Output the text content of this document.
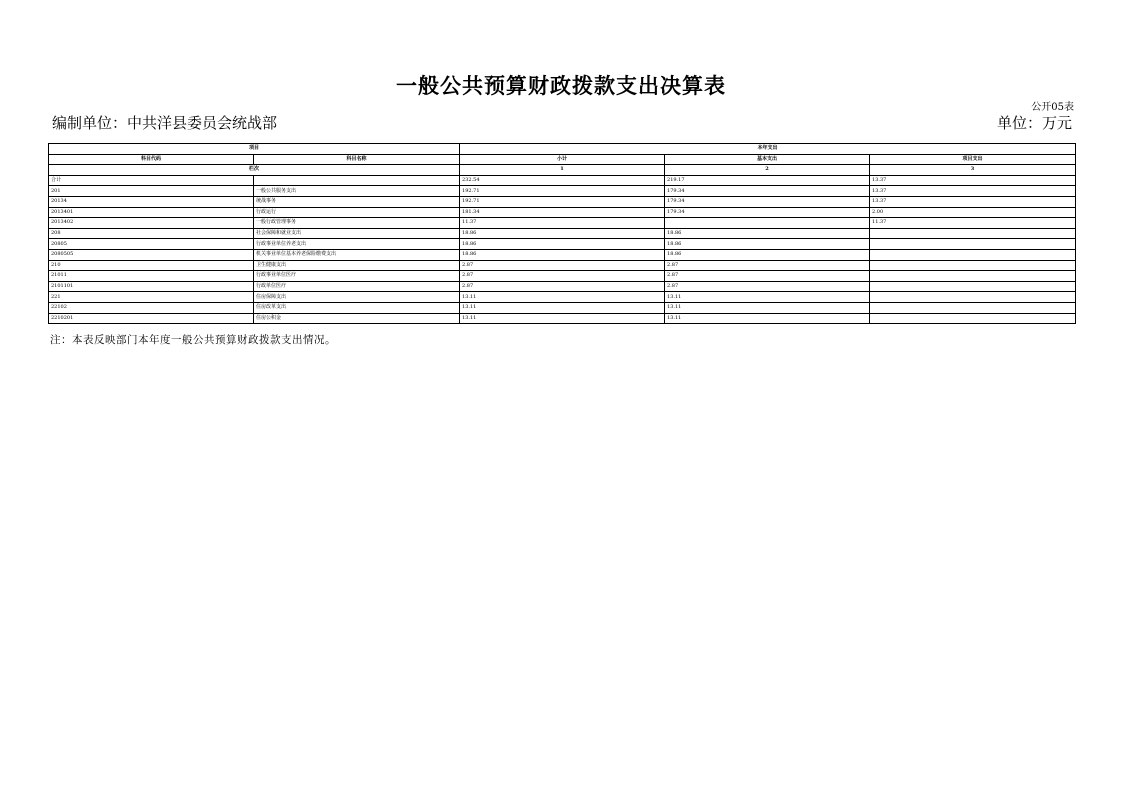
一般公共预算财政拨款支出决算表
公开05表
编制单位：中共洋县委员会统战部	单位：万元
项目		本年支出		
科目代码	科目名称	小计	基本支出	项目支出
栏次		1	2	3
合计		232.54	219.17	13.37
201	一般公共服务支出	192.71	179.34	13.37
20134	统战事务	192.71	179.34	13.37
2013401	行政运行	181.34	179.34	2.00
2013402	一般行政管理事务	11.37		11.37
208	社会保障和就业支出	18.86	18.86	
20805	行政事业单位养老支出	18.86	18.86	
2080505	机关事业单位基本养老保险缴费支出	18.86	18.86	
210	卫生健康支出	2.87	2.87	
21011	行政事业单位医疗	2.87	2.87	
2101101	行政单位医疗	2.87	2.87	
221	住房保障支出	13.11	13.11	
22102	住房改革支出	13.11	13.11	
2210201	住房公积金	13.11	13.11	
注：本表反映部门本年度一般公共预算财政拨款支出情况。
